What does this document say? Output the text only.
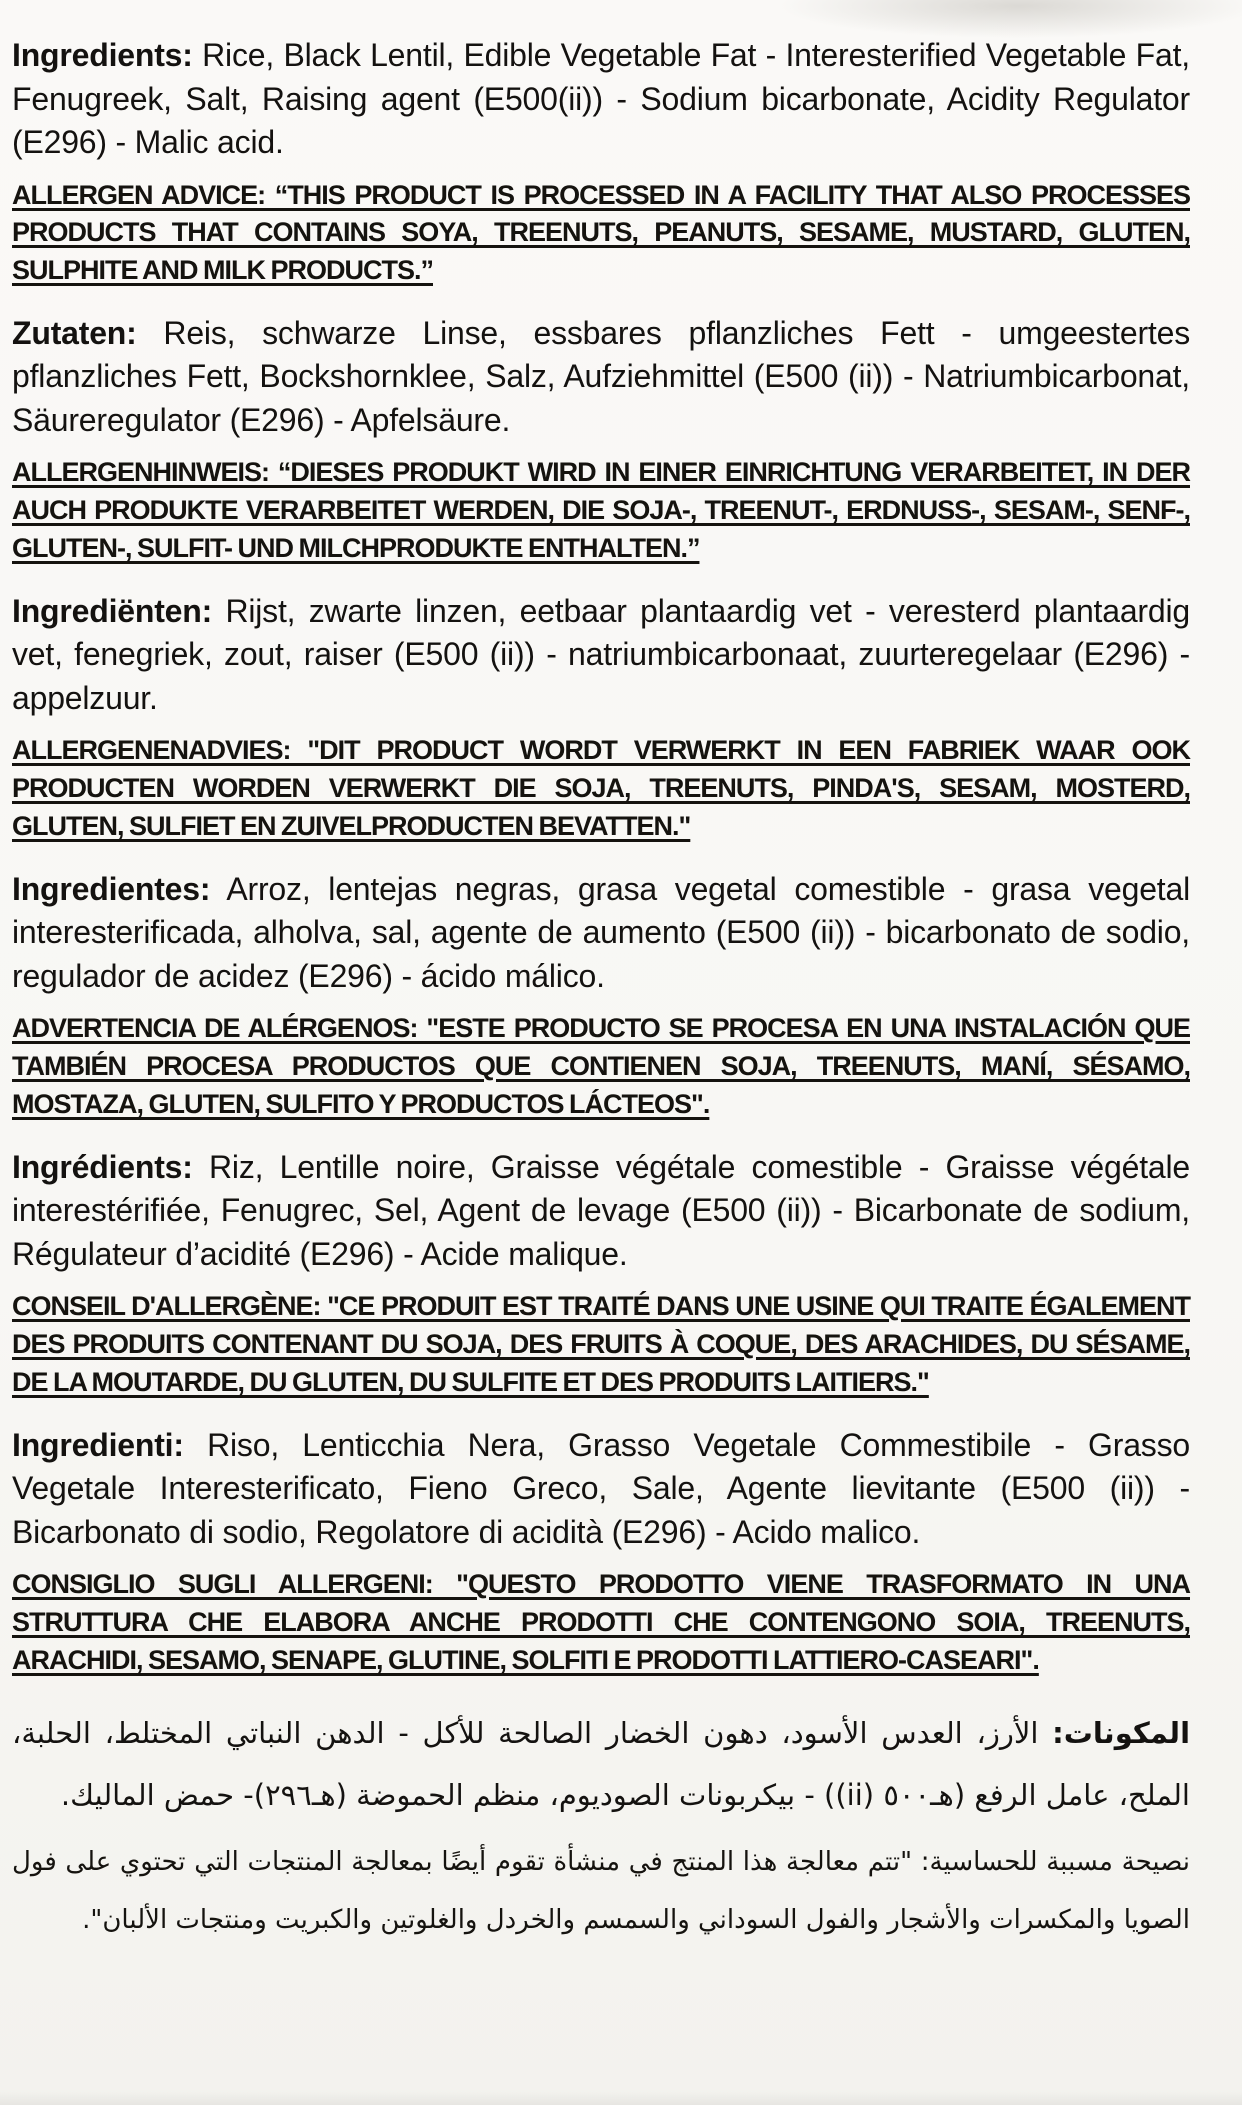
Ingredients: Rice, Black Lentil, Edible Vegetable Fat - Interesterified Vegetable Fat, Fenugreek, Salt, Raising agent (E500(ii)) - Sodium bicarbonate, Acidity Regulator (E296) - Malic acid.

ALLERGEN ADVICE: “THIS PRODUCT IS PROCESSED IN A FACILITY THAT ALSO PROCESSES PRODUCTS THAT CONTAINS SOYA, TREENUTS, PEANUTS, SESAME, MUSTARD, GLUTEN, SULPHITE AND MILK PRODUCTS.”

Zutaten: Reis, schwarze Linse, essbares pflanzliches Fett - umgeestertes pflanzliches Fett, Bockshornklee, Salz, Aufziehmittel (E500 (ii)) - Natriumbicarbonat, Säureregulator (E296) - Apfelsäure.

ALLERGENHINWEIS: “DIESES PRODUKT WIRD IN EINER EINRICHTUNG VERARBEITET, IN DER AUCH PRODUKTE VERARBEITET WERDEN, DIE SOJA-, TREENUT-, ERDNUSS-, SESAM-, SENF-, GLUTEN-, SULFIT- UND MILCHPRODUKTE ENTHALTEN.”

Ingrediënten: Rijst, zwarte linzen, eetbaar plantaardig vet - veresterd plantaardig vet, fenegriek, zout, raiser (E500 (ii)) - natriumbicarbonaat, zuurteregelaar (E296) - appelzuur.

ALLERGENENADVIES: "DIT PRODUCT WORDT VERWERKT IN EEN FABRIEK WAAR OOK PRODUCTEN WORDEN VERWERKT DIE SOJA, TREENUTS, PINDA'S, SESAM, MOSTERD, GLUTEN, SULFIET EN ZUIVELPRODUCTEN BEVATTEN."

Ingredientes: Arroz, lentejas negras, grasa vegetal comestible - grasa vegetal interesterificada, alholva, sal, agente de aumento (E500 (ii)) - bicarbonato de sodio, regulador de acidez (E296) - ácido málico.

ADVERTENCIA DE ALÉRGENOS: "ESTE PRODUCTO SE PROCESA EN UNA INSTALACIÓN QUE TAMBIÉN PROCESA PRODUCTOS QUE CONTIENEN SOJA, TREENUTS, MANÍ, SÉSAMO, MOSTAZA, GLUTEN, SULFITO Y PRODUCTOS LÁCTEOS".

Ingrédients: Riz, Lentille noire, Graisse végétale comestible - Graisse végétale interestérifiée, Fenugrec, Sel, Agent de levage (E500 (ii)) - Bicarbonate de sodium, Régulateur d’acidité (E296) - Acide malique.

CONSEIL D'ALLERGÈNE: "CE PRODUIT EST TRAITÉ DANS UNE USINE QUI TRAITE ÉGALEMENT DES PRODUITS CONTENANT DU SOJA, DES FRUITS À COQUE, DES ARACHIDES, DU SÉSAME, DE LA MOUTARDE, DU GLUTEN, DU SULFITE ET DES PRODUITS LAITIERS."

Ingredienti: Riso, Lenticchia Nera, Grasso Vegetale Commestibile - Grasso Vegetale Interesterificato, Fieno Greco, Sale, Agente lievitante (E500 (ii)) - Bicarbonato di sodio, Regolatore di acidità (E296) - Acido malico.

CONSIGLIO SUGLI ALLERGENI: "QUESTO PRODOTTO VIENE TRASFORMATO IN UNA STRUTTURA CHE ELABORA ANCHE PRODOTTI CHE CONTENGONO SOIA, TREENUTS, ARACHIDI, SESAMO, SENAPE, GLUTINE, SOLFITI E PRODOTTI LATTIERO-CASEARI".

المكونات: الأرز، العدس الأسود، دهون الخضار الصالحة للأكل - الدهن النباتي المختلط، الحلبة، الملح، عامل الرفع (هـ٥٠٠ (ii)) - بيكربونات الصوديوم، منظم الحموضة (هـ٢٩٦)- حمض الماليك.

نصيحة مسببة للحساسية: "تتم معالجة هذا المنتج في منشأة تقوم أيضًا بمعالجة المنتجات التي تحتوي على فول الصويا والمكسرات والأشجار والفول السوداني والسمسم والخردل والغلوتين والكبريت ومنتجات الألبان".
